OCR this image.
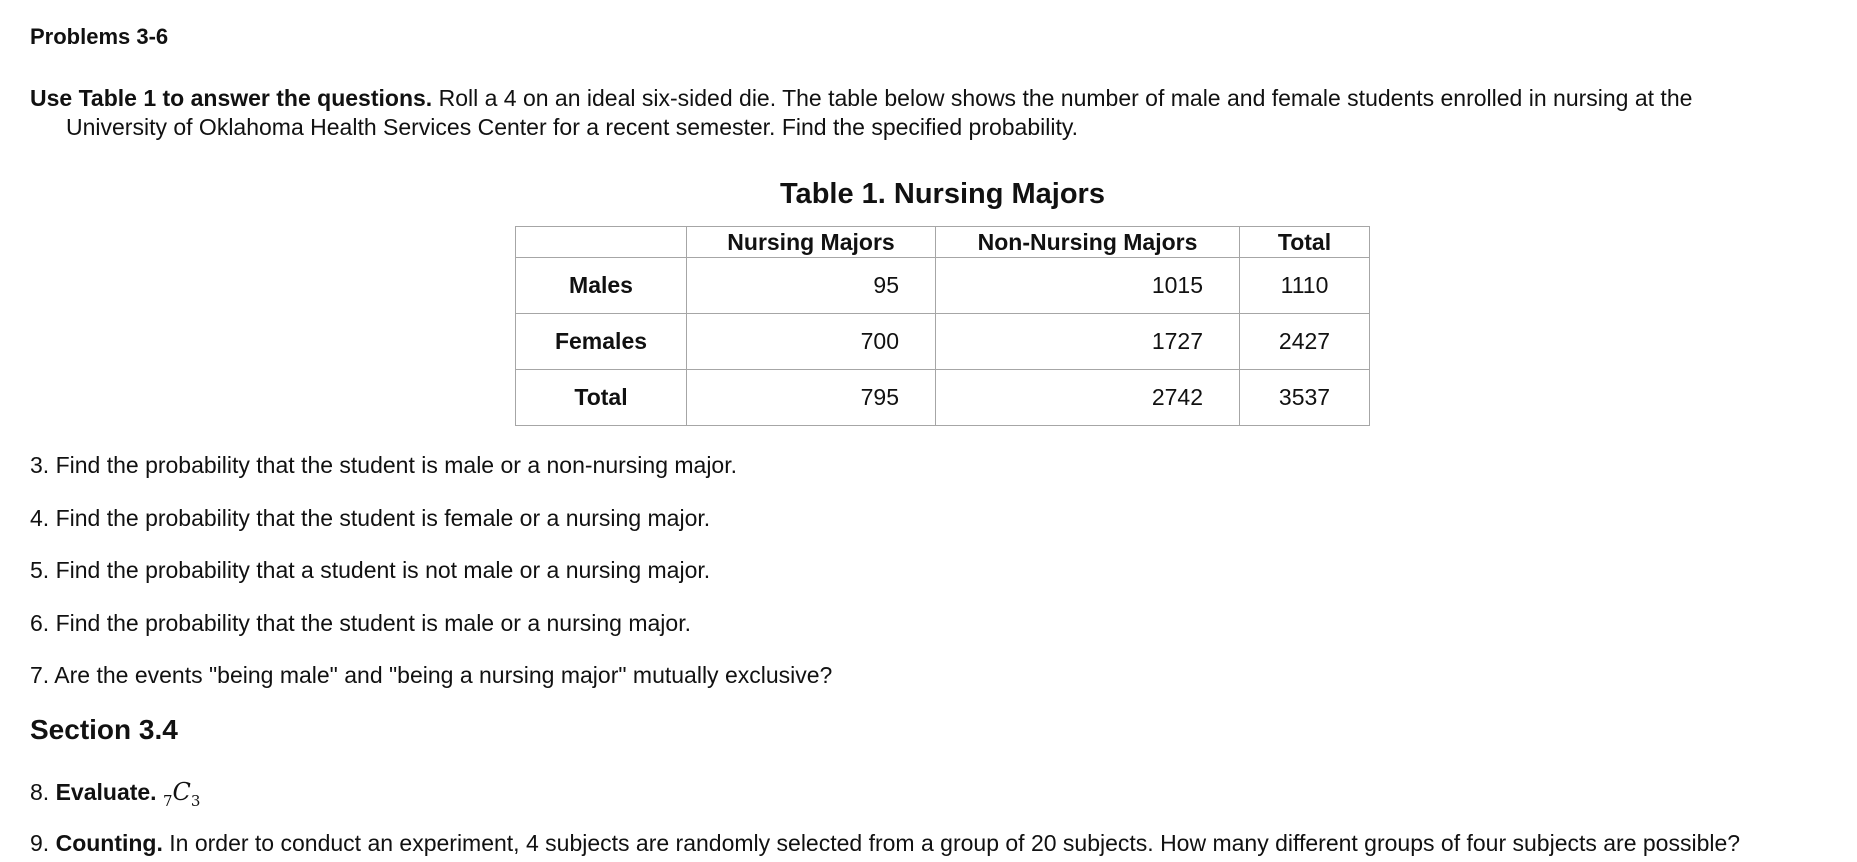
Problems 3-6

Use Table 1 to answer the questions. Roll a 4 on an ideal six-sided die. The table below shows the number of male and female students enrolled in nursing at the
University of Oklahoma Health Services Center for a recent semester. Find the specified probability.

Table 1. Nursing Majors
	Nursing Majors	Non-Nursing Majors	Total
Males	95	1015	1110
Females	700	1727	2427
Total	795	2742	3537

3. Find the probability that the student is male or a non-nursing major.

4. Find the probability that the student is female or a nursing major.

5. Find the probability that a student is not male or a nursing major.

6. Find the probability that the student is male or a nursing major.

7. Are the events "being male" and "being a nursing major" mutually exclusive?

Section 3.4

8. Evaluate. $_7C_3$

9. Counting. In order to conduct an experiment, 4 subjects are randomly selected from a group of 20 subjects. How many different groups of four subjects are possible?
